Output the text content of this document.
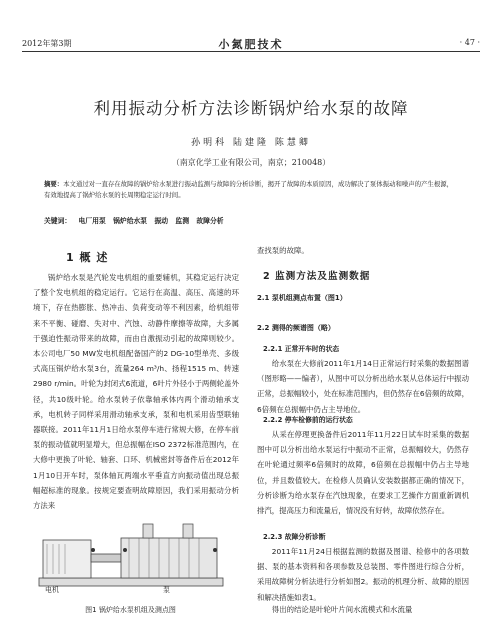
2012年第3期	小氮肥技术	· 47 ·
利用振动分析方法诊断锅炉给水泵的故障
孙明科 陆建隆 陈慧卿
（南京化学工业有限公司，南京；210048）
摘要：本文通过对一直存在故障的锅炉给水泵进行振动监测与故障的分析诊断，揭开了故障的本质原因，成功解决了泵体振动和噪声的产生根源，有效地提高了锅炉给水泵的长周期稳定运行时间。
关键词： 电厂用泵 锅炉给水泵 振动 监测 故障分析
1 概 述

锅炉给水泵是汽轮发电机组的重要辅机，其稳定运行决定了整个发电机组的稳定运行。它运行在高温、高压、高速的环境下，存在热膨胀、热冲击、负荷变动等不利因素，给机组带来不平衡、碰磨、失对中、汽蚀、动静件摩擦等故障，大多属于强迫性振动带来的故障，而由自激振动引起的故障则较少。本公司电厂50 MW发电机组配备国产的2 DG-10型单壳、多级式高压锅炉给水泵3台，流量264 m³/h、扬程1515 m、转速2980 r/min。叶轮为封闭式6流道，6叶片外径小于两侧轮盖外径，共10级叶轮。给水泵转子依靠轴承体内两个滑动轴承支承，电机转子同样采用滑动轴承支承，泵和电机采用齿型联轴器联接。2011年11月1日给水泵停车进行常规大修，在停车前泵的振动值就明显增大，但总振幅在ISO 2372标准范围内，在大修中更换了叶轮、轴套、口环、机械密封等备件后在2012年1月10日开车时，泵体轴瓦两端水平垂直方向振动值出现总振幅超标准的现象。按规定要查明故障原因，我们采用振动分析方法来

电机	泵
图1 锅炉给水泵机组及测点图

查找泵的故障。

2 监测方法及监测数据
2.1 泵机组测点布置（图1）
2.2 测得的频谱图（略）
2.2.1 正常开车时的状态

给水泵在大修前2011年1月14日正常运行时采集的数据图谱（图形略——编者），从图中可以分析出给水泵从总体运行中振动正常，总振幅较小，处在标准范围内，但仍然存在6倍频的故障，6倍频在总振幅中仍占主导地位。

2.2.2 停车检修前的运行状态

从采在停理更换备件后2011年11月22日试车时采集的数据图中可以分析出给水泵运行中振动不正常，总振幅较大，仍然存在叶轮通过频率6倍频时的故障，6倍频在总振幅中仍占主导地位，并且数值较大。在检修人员确认安装数据都正确的情况下，分析诊断为给水泵存在汽蚀现象，在要求工艺操作方面重新调机排汽，提高压力和流量后，情况没有好转，故障依然存在。

2.2.3 故障分析诊断

2011年11月24日根据监测的数据及图谱、检修中的各项数据、泵的基本资料和各项参数及总装图、零件图进行综合分析，采用故障树分析法进行分析如图2。振动的机理分析、故障的原因和解决措施如表1。

得出的结论是叶轮叶片间水流模式和水流量
